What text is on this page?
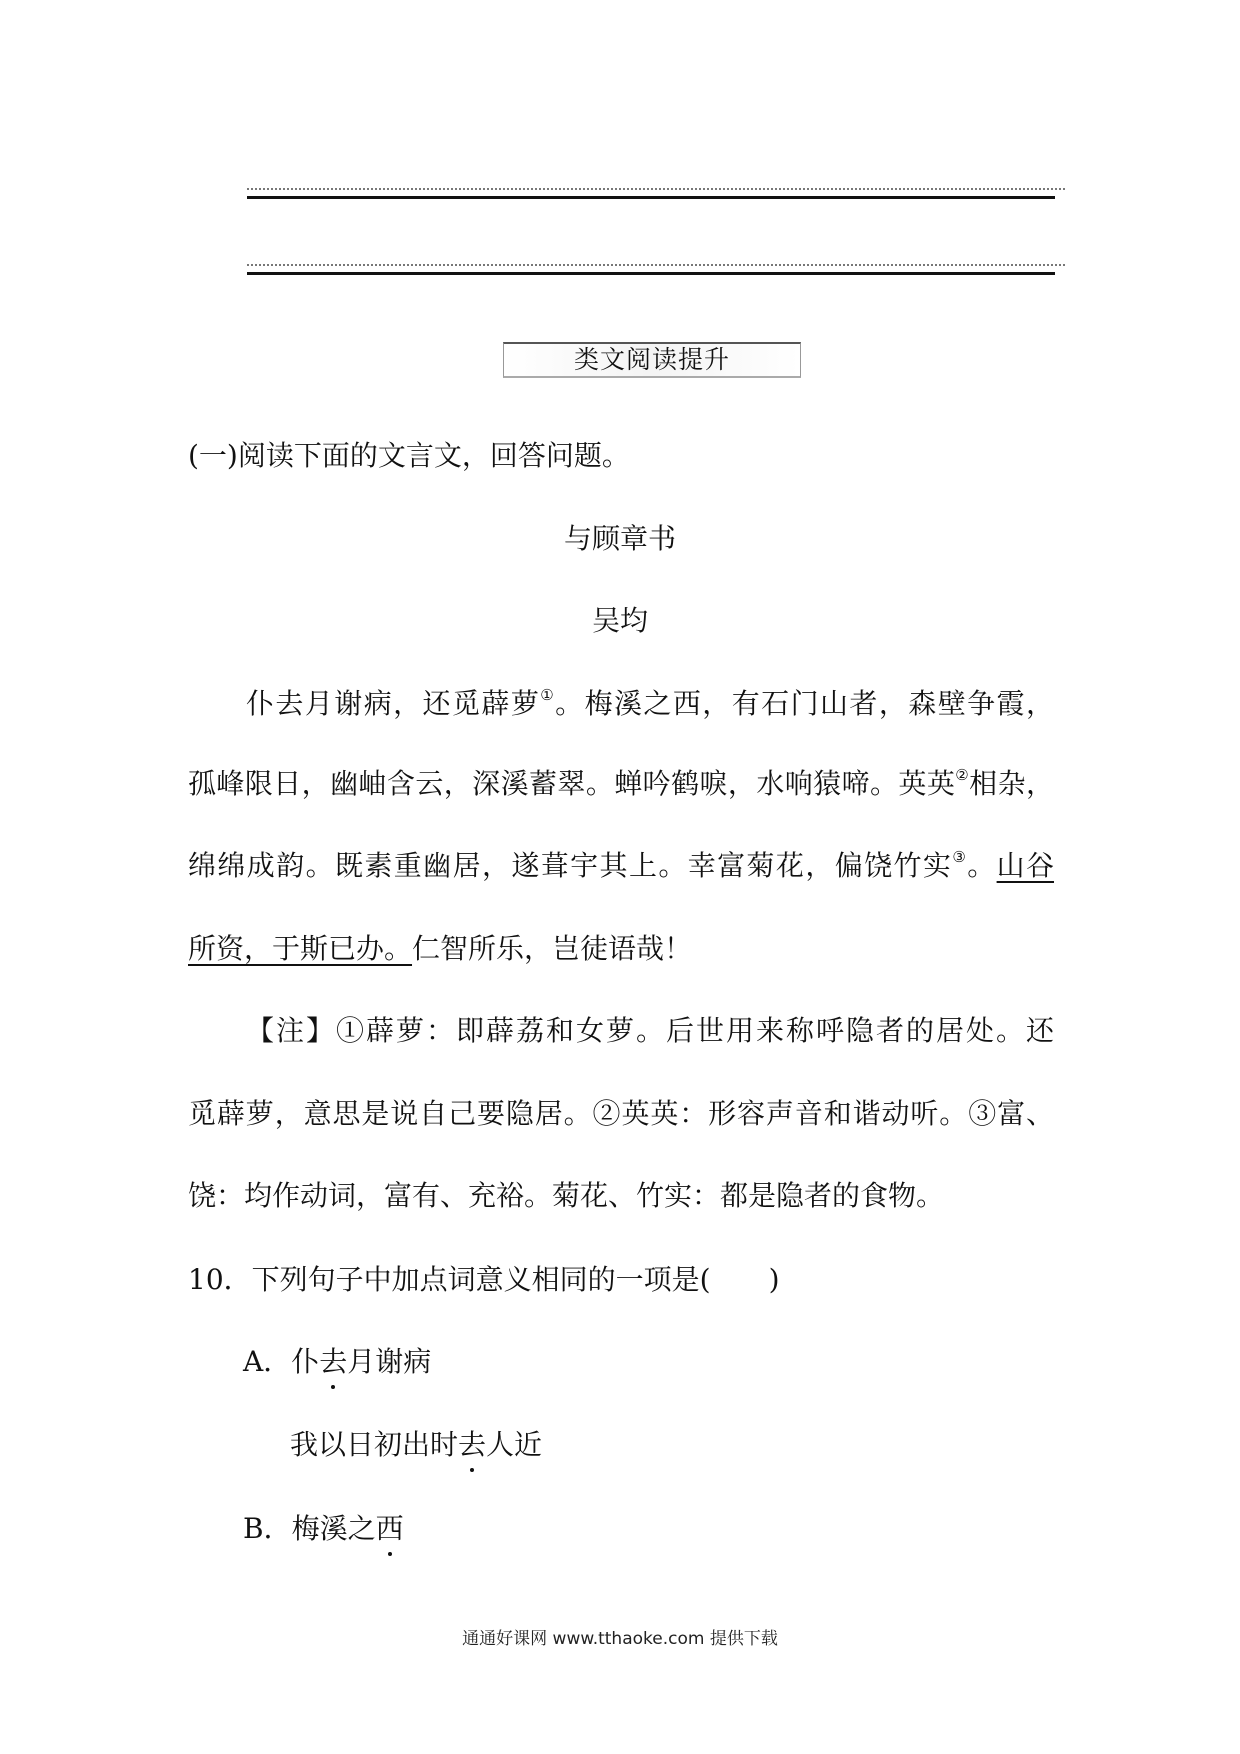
类文阅读提升
(一)阅读下面的文言文，回答问题。
与顾章书
吴均
仆去月谢病，还觅薜萝①。梅溪之西，有石门山者，森壁争霞，
孤峰限日，幽岫含云，深溪蓄翠。蝉吟鹤唳，水响猿啼。英英②相杂，
绵绵成韵。既素重幽居，遂葺宇其上。幸富菊花，偏饶竹实③。山谷
所资，于斯已办。仁智所乐，岂徒语哉！
【注】①薜萝：即薜荔和女萝。后世用来称呼隐者的居处。还
觅薜萝，意思是说自己要隐居。②英英：形容声音和谐动听。③富、
饶：均作动词，富有、充裕。菊花、竹实：都是隐者的食物。
10．下列句子中加点词意义相同的一项是( )
A．仆去月谢病
我以日初出时去人近
B．梅溪之西
通通好课网 www.tthaoke.com 提供下载
